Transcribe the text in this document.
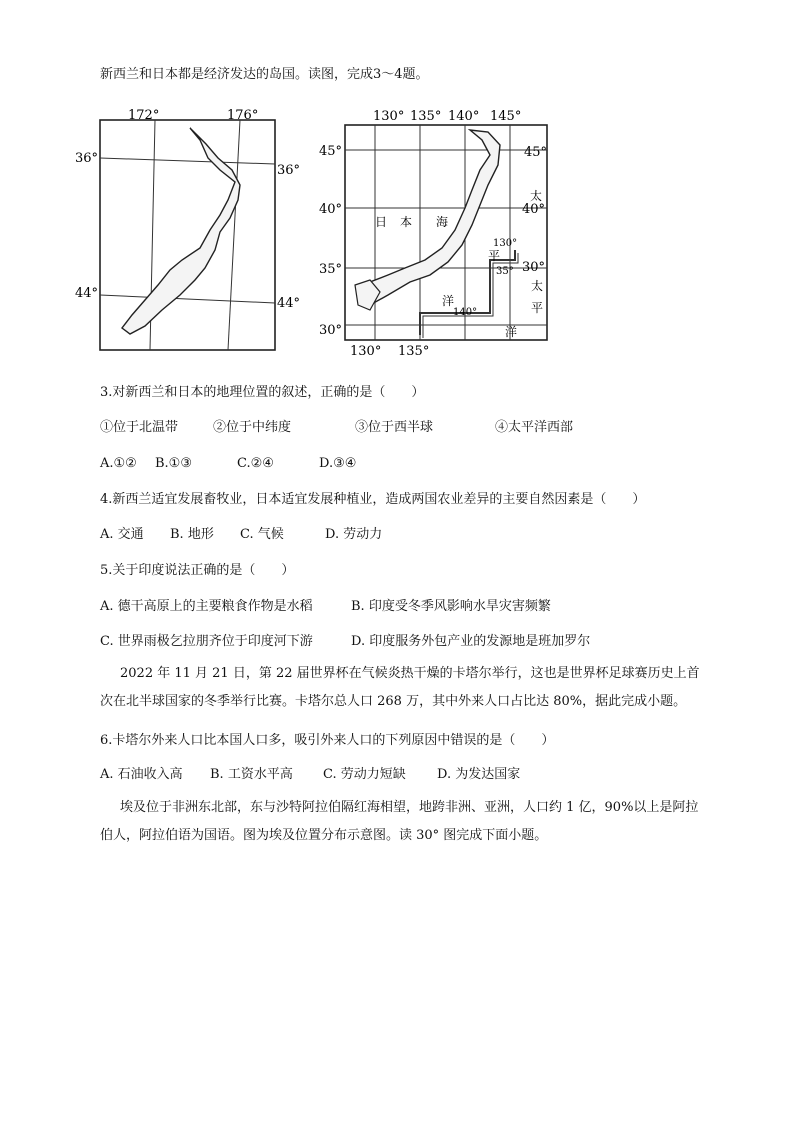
新西兰和日本都是经济发达的岛国。读图，完成3～4题。
172°	176°
36°
44°
36°
44°
130° 135° 140° 145°
130° 135°
45°
40°
35°
30°
45°
40°
30°
130°
35°
140°
日 本 海
太
平
洋
太
平
洋
3.对新西兰和日本的地理位置的叙述，正确的是（　　）
①位于北温带	②位于中纬度	③位于西半球	④太平洋西部
A.①②	B.①③	C.②④	D.③④
4.新西兰适宜发展畜牧业，日本适宜发展种植业，造成两国农业差异的主要自然因素是（　　）
A. 交通	B. 地形	C. 气候	D. 劳动力
5.关于印度说法正确的是（　　）
A. 德干高原上的主要粮食作物是水稻	B. 印度受冬季风影响水旱灾害频繁
C. 世界雨极乞拉朋齐位于印度河下游	D. 印度服务外包产业的发源地是班加罗尔
2022 年 11 月 21 日，第 22 届世界杯在气候炎热干燥的卡塔尔举行，这也是世界杯足球赛历史上首次在北半球国家的冬季举行比赛。卡塔尔总人口 268 万，其中外来人口占比达 80%，据此完成小题。
6.卡塔尔外来人口比本国人口多，吸引外来人口的下列原因中错误的是（　　）
A. 石油收入高	B. 工资水平高	C. 劳动力短缺	D. 为发达国家
埃及位于非洲东北部，东与沙特阿拉伯隔红海相望，地跨非洲、亚洲，人口约 1 亿，90%以上是阿拉伯人，阿拉伯语为国语。图为埃及位置分布示意图。读 30° 图完成下面小题。
